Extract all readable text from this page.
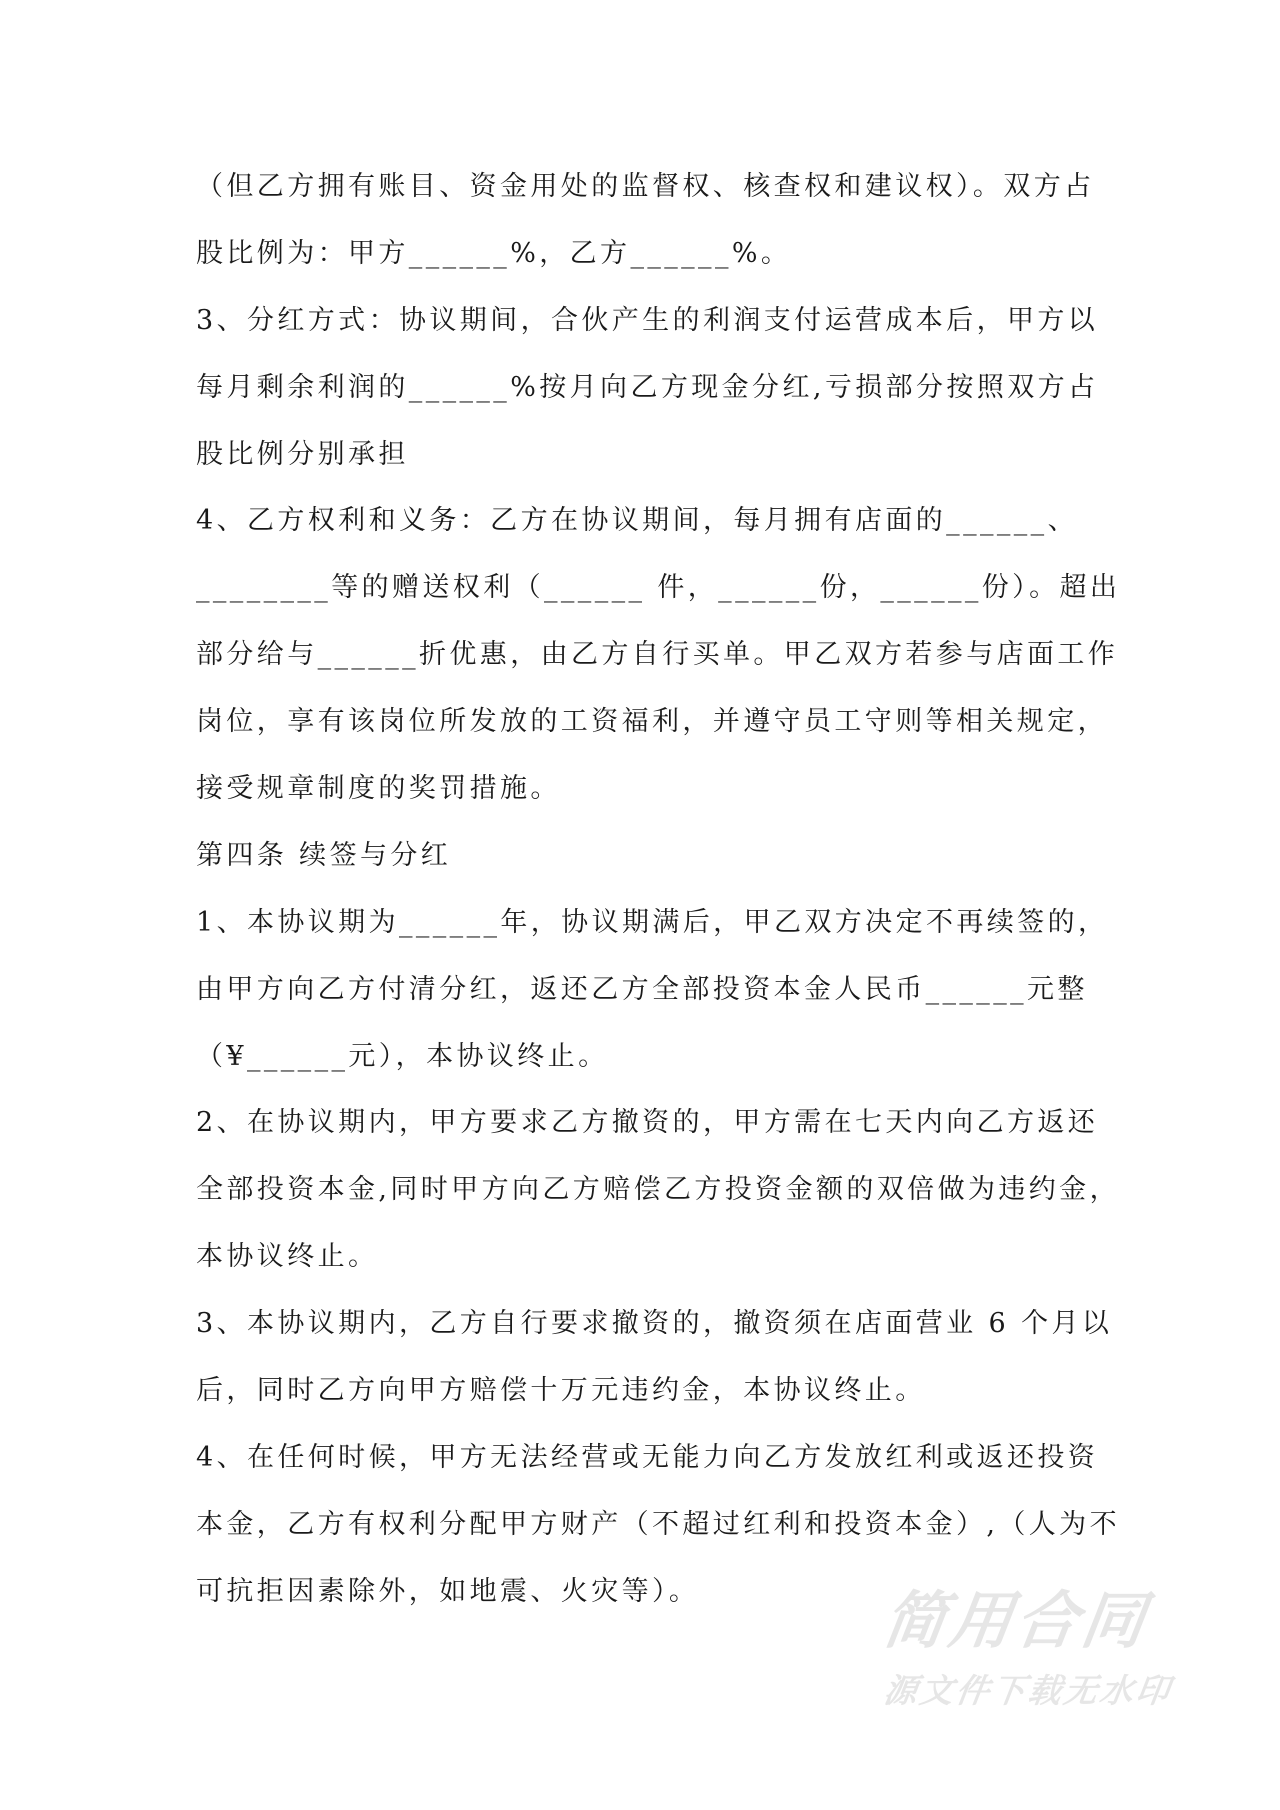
（但乙方拥有账目、资金用处的监督权、核查权和建议权）。双方占
股比例为：甲方______%，乙方______%。
3、分红方式：协议期间，合伙产生的利润支付运营成本后，甲方以
每月剩余利润的______%按月向乙方现金分红,亏损部分按照双方占
股比例分别承担
4、乙方权利和义务：乙方在协议期间，每月拥有店面的______、
________等的赠送权利（______ 件，______份，______份）。超出
部分给与______折优惠，由乙方自行买单。甲乙双方若参与店面工作
岗位，享有该岗位所发放的工资福利，并遵守员工守则等相关规定，
接受规章制度的奖罚措施。
第四条 续签与分红
1、本协议期为______年，协议期满后，甲乙双方决定不再续签的，
由甲方向乙方付清分红，返还乙方全部投资本金人民币______元整
（¥______元），本协议终止。
2、在协议期内，甲方要求乙方撤资的，甲方需在七天内向乙方返还
全部投资本金,同时甲方向乙方赔偿乙方投资金额的双倍做为违约金，
本协议终止。
3、本协议期内，乙方自行要求撤资的，撤资须在店面营业 6 个月以
后，同时乙方向甲方赔偿十万元违约金，本协议终止。
4、在任何时候，甲方无法经营或无能力向乙方发放红利或返还投资
本金，乙方有权利分配甲方财产（不超过红利和投资本金）,（人为不
可抗拒因素除外，如地震、火灾等）。	简用合同
源文件下载无水印
